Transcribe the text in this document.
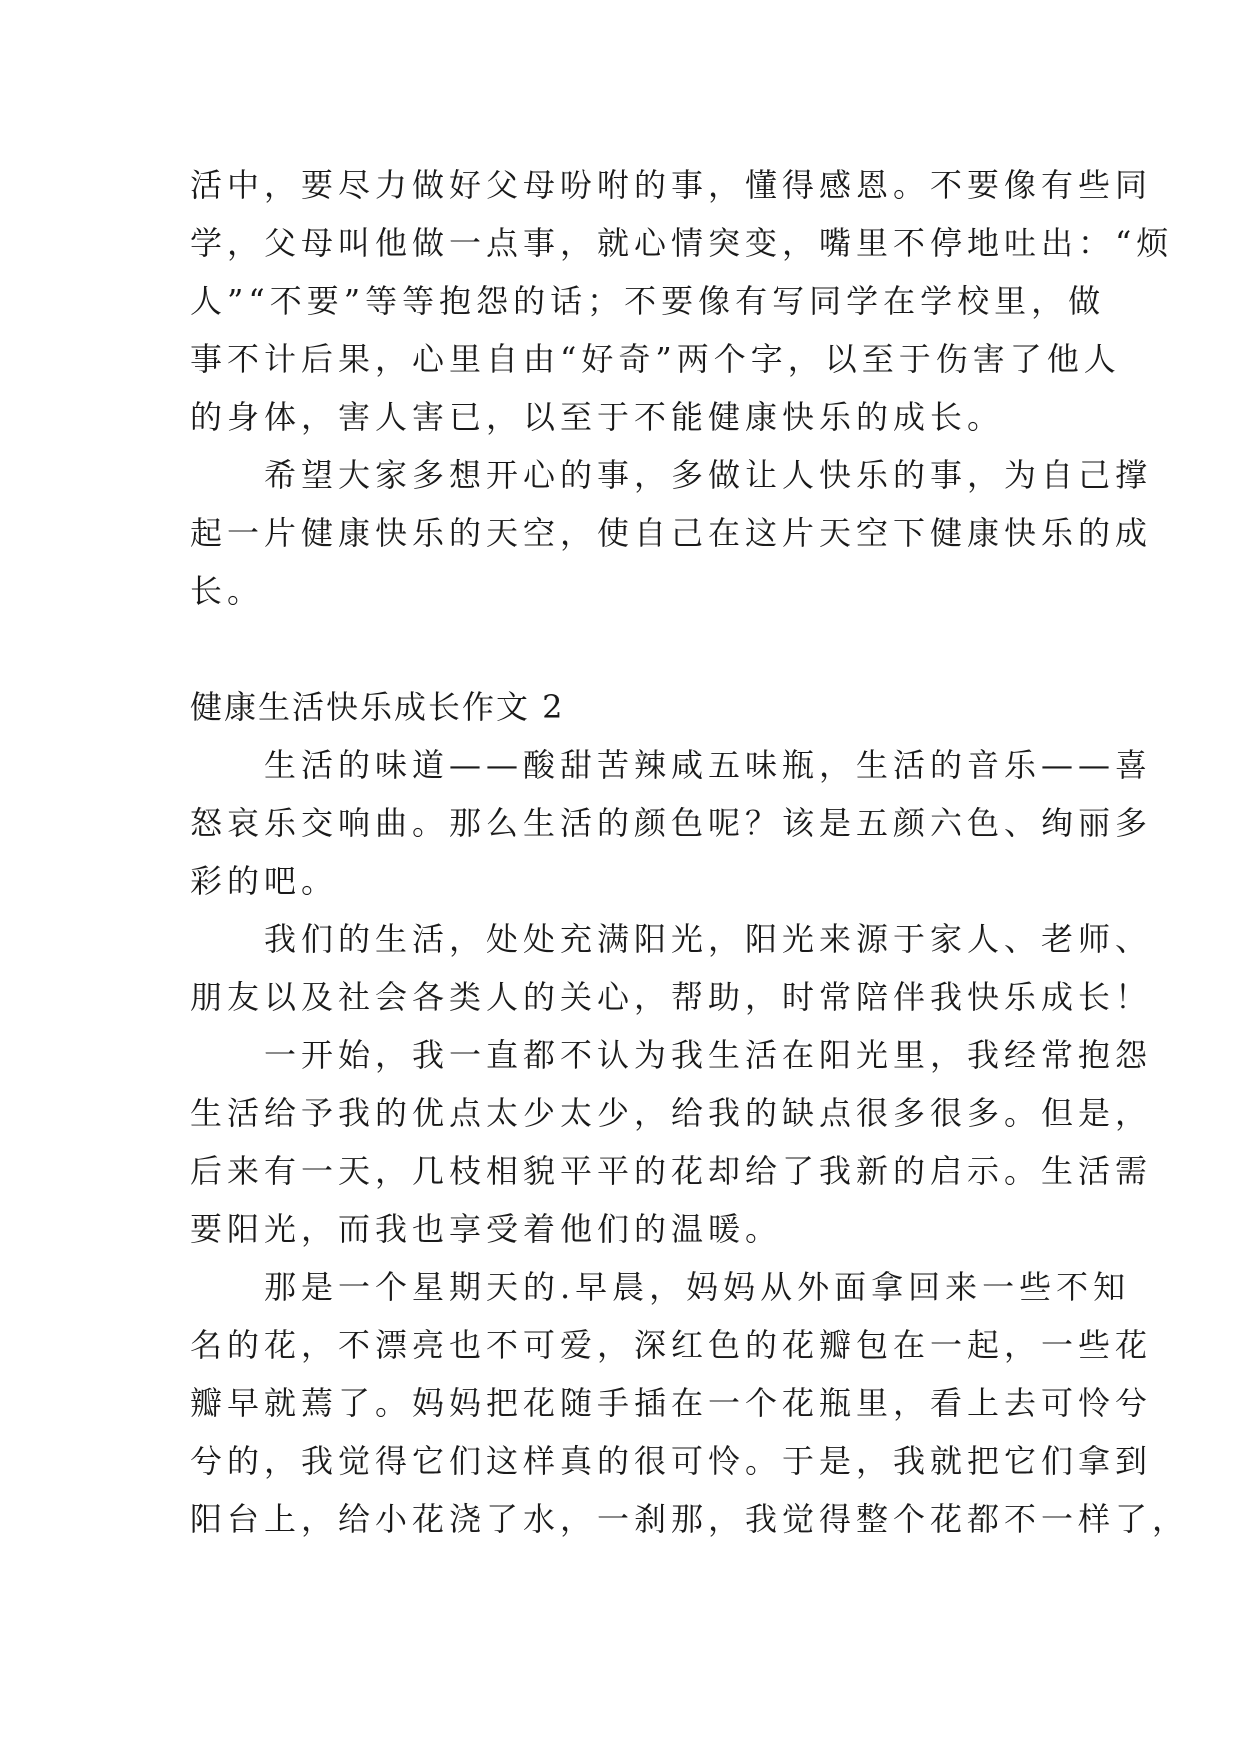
活中，要尽力做好父母吩咐的事，懂得感恩。不要像有些同
学，父母叫他做一点事，就心情突变，嘴里不停地吐出：“烦
人”“不要”等等抱怨的话；不要像有写同学在学校里，做
事不计后果，心里自由“好奇”两个字，以至于伤害了他人
的身体，害人害已，以至于不能健康快乐的成长。
希望大家多想开心的事，多做让人快乐的事，为自己撑
起一片健康快乐的天空，使自己在这片天空下健康快乐的成
长。
健康生活快乐成长作文 2
生活的味道——酸甜苦辣咸五味瓶，生活的音乐——喜
怒哀乐交响曲。那么生活的颜色呢？该是五颜六色、绚丽多
彩的吧。
我们的生活，处处充满阳光，阳光来源于家人、老师、
朋友以及社会各类人的关心，帮助，时常陪伴我快乐成长！
一开始，我一直都不认为我生活在阳光里，我经常抱怨
生活给予我的优点太少太少，给我的缺点很多很多。但是，
后来有一天，几枝相貌平平的花却给了我新的启示。生活需
要阳光，而我也享受着他们的温暖。
那是一个星期天的.早晨，妈妈从外面拿回来一些不知
名的花，不漂亮也不可爱，深红色的花瓣包在一起，一些花
瓣早就蔫了。妈妈把花随手插在一个花瓶里，看上去可怜兮
兮的，我觉得它们这样真的很可怜。于是，我就把它们拿到
阳台上，给小花浇了水，一刹那，我觉得整个花都不一样了，
